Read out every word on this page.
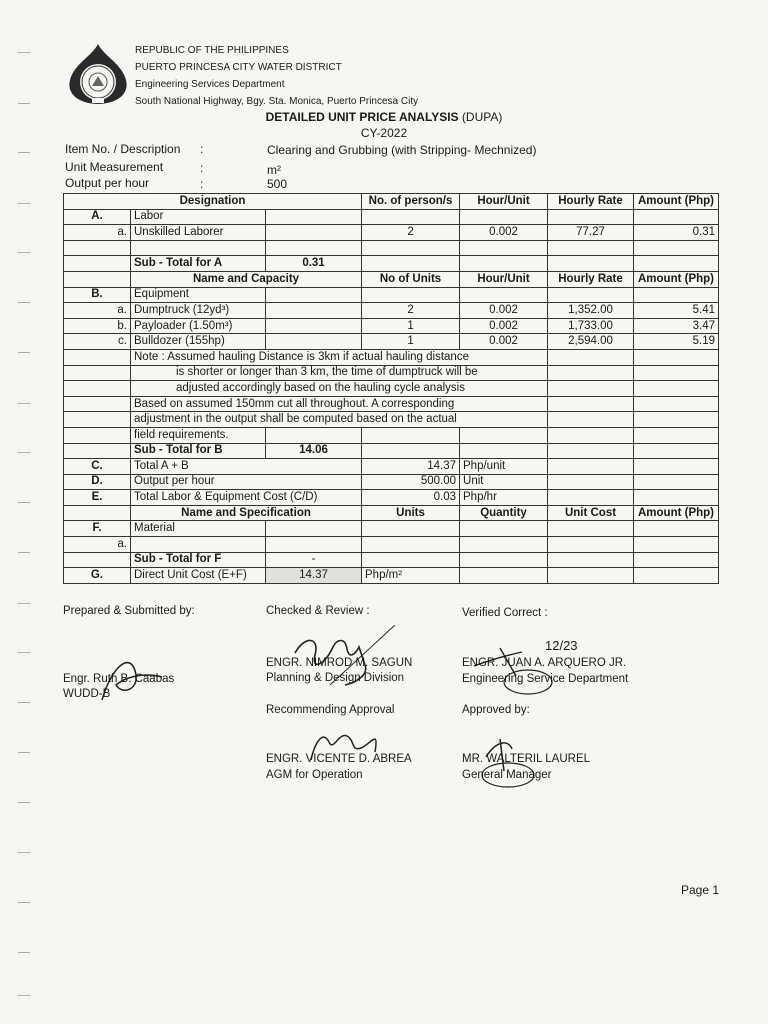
REPUBLIC OF THE PHILIPPINES
PUERTO PRINCESA CITY WATER DISTRICT
Engineering Services Department
South National Highway, Bgy. Sta. Monica, Puerto Princesa City
DETAILED UNIT PRICE ANALYSIS (DUPA)
CY-2022
Item No. / Description :	Clearing and Grubbing (with Stripping- Mechnized)
Unit Measurement	:	m²
Output per hour	:	500
Designation			No. of person/s	Hour/Unit	Hourly Rate	Amount (Php)
A.	Labor					
a.	Unskilled Laborer		2	0.002	77.27	0.31

	Sub - Total for A	0.31				
	Name and Capacity		No of Units	Hour/Unit	Hourly Rate	Amount (Php)
B.	Equipment					
a.	Dumptruck (12yd³)		2	0.002	1,352.00	5.41
b.	Payloader (1.50m³)		1	0.002	1,733.00	3.47
c.	Bulldozer (155hp)		1	0.002	2,594.00	5.19
	Note : Assumed hauling Distance is 3km if actual hauling distance					
	is shorter or longer than 3 km, the time of dumptruck will be					
	adjusted accordingly based on the hauling cycle analysis					
	Based on assumed 150mm cut all throughout. A corresponding					
	adjustment in the output shall be computed based on the actual					
	field requirements.					
	Sub - Total for B	14.06				
C.	Total A + B		14.37	Php/unit		
D.	Output per hour		500.00	Unit		
E.	Total Labor & Equipment Cost (C/D)		0.03	Php/hr		
	Name and Specification		Units	Quantity	Unit Cost	Amount (Php)
F.	Material					
a.						
	Sub - Total for F	-				
G.	Direct Unit Cost (E+F)	14.37	Php/m²			
Prepared & Submitted by:	Checked & Review :	Verified Correct :
12/23
ENGR. NIMROD M. SAGUN
Planning & Design Division
ENGR. JUAN A. ARQUERO JR.
Engineering Service Department
Engr. Ruth B. Caabas
WUDD-B
Recommending Approval	Approved by:
ENGR. VICENTE D. ABREA
AGM for Operation
MR. WALTERIL LAUREL
General Manager
Page 1
